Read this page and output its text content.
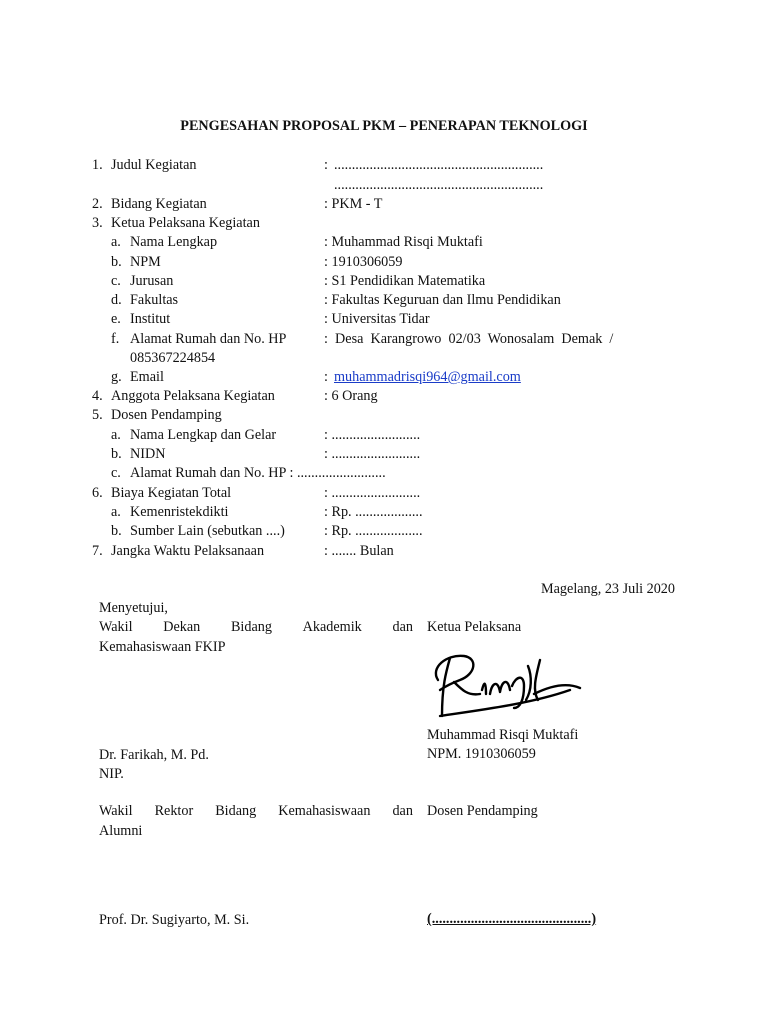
PENGESAHAN PROPOSAL PKM – PENERAPAN TEKNOLOGI
1. Judul Kegiatan	: ...........................................................
...........................................................
2. Bidang Kegiatan	: PKM - T
3. Ketua Pelaksana Kegiatan
a. Nama Lengkap	: Muhammad Risqi Muktafi
b. NPM	: 1910306059
c. Jurusan	: S1 Pendidikan Matematika
d. Fakultas	: Fakultas Keguruan dan Ilmu Pendidikan
e. Institut	: Universitas Tidar
f. Alamat Rumah dan No. HP	:  Desa  Karangrowo  02/03  Wonosalam  Demak  /
085367224854
g. Email	: muhammadrisqi964@gmail.com
4. Anggota Pelaksana Kegiatan	: 6 Orang
5. Dosen Pendamping
a. Nama Lengkap dan Gelar	: .........................
b. NIDN	: .........................
c. Alamat Rumah dan No. HP : .........................
6. Biaya Kegiatan Total	: .........................
a. Kemenristekdikti	: Rp. ...................
b. Sumber Lain (sebutkan ....)	: Rp. ...................
7. Jangka Waktu Pelaksanaan	: ....... Bulan
Magelang, 23 Juli 2020
Menyetujui,
Wakil Dekan Bidang Akademik dan
Kemahasiswaan FKIP
Dr. Farikah, M. Pd.
NIP.
Wakil Rektor Bidang Kemahasiswaan dan
Alumni
Prof. Dr. Sugiyarto, M. Si.
Ketua Pelaksana
Muhammad Risqi Muktafi
NPM. 1910306059
Dosen Pendamping
(.............................................)
